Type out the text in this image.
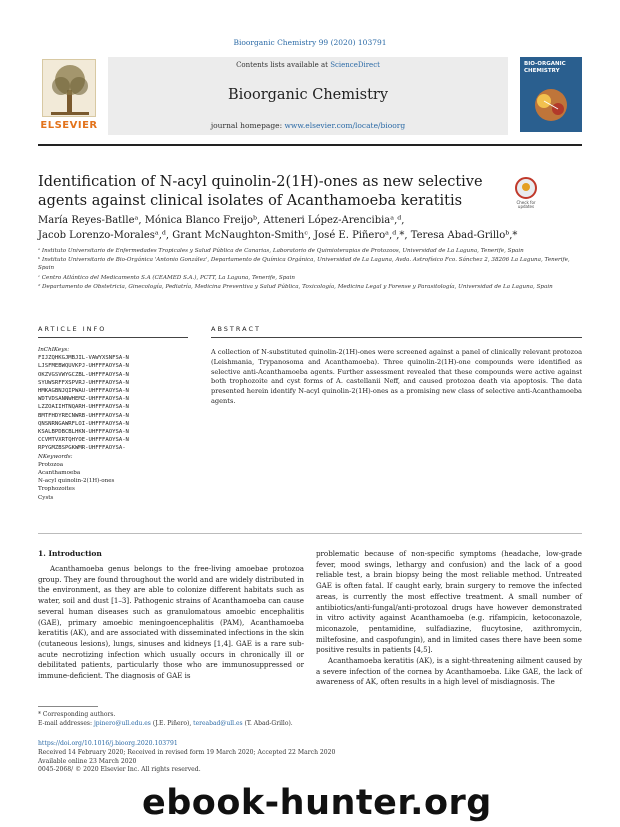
Bioorganic Chemistry 99 (2020) 103791
ELSEVIER
Contents lists available at ScienceDirect
Bioorganic Chemistry
journal homepage: www.elsevier.com/locate/bioorg
BIO-ORGANIC CHEMISTRY
Identification of N-acyl quinolin-2(1H)-ones as new selective agents against clinical isolates of Acanthamoeba keratitis	Check for updates
María Reyes-Batlleᵃ, Mónica Blanco Freijoᵇ, Atteneri López-Arencibiaᵃ,ᵈ,
Jacob Lorenzo-Moralesᵃ,ᵈ, Grant McNaughton-Smithᶜ, José E. Piñeroᵃ,ᵈ,*, Teresa Abad-Grilloᵇ,*
ᵃ Instituto Universitario de Enfermedades Tropicales y Salud Pública de Canarias, Laboratorio de Quimioterapias de Protozoos, Universidad de La Laguna, Tenerife, Spain
ᵇ Instituto Universitario de Bio-Orgánica 'Antonio González', Departamento de Química Orgánica, Universidad de La Laguna, Avda. Astrofísico Fco. Sánchez 2, 38206 La Laguna, Tenerife, Spain
ᶜ Centro Atlántico del Medicamento S.A (CEAMED S.A.), PCTT, La Laguna, Tenerife, Spain
ᵈ Departamento de Obstetricia, Ginecología, Pediatría, Medicina Preventiva y Salud Pública, Toxicología, Medicina Legal y Forense y Parasitología, Universidad de La Laguna, Spain
ARTICLE INFO	ABSTRACT
InChIKeys:
FIJZQHKGJMBJIL-VAWYXSNFSA-N
LJSFMEBWQUVKPJ-UHFFFAOYSA-N
OKZVGSVWYGCZBL-UHFFFAOYSA-N
SYUWSRFFXSPVRJ-UHFFFAOYSA-N
HMKAGBNJQIPWAU-UHFFFAOYSA-N
WDTVDSANNWHEMZ-UHFFFAOYSA-N
LZZOAIIHTNQARH-UHFFFAOYSA-N
BMTFHDYRECNWRB-UHFFFAOYSA-N
QNSNRNGAWRFLOI-UHFFFAOYSA-N
KSALBPDBCBLHKN-UHFFFAOYSA-N
CCVMTVXRTQHYOE-UHFFFAOYSA-N
RPYGMZBSPGKWMR-UHFFFAOYSA-
NKeywords:
Protozoa
Acanthamoeba
N-acyl quinolin-2(1H)-ones
Trophozoites
Cysts
A collection of N-substituted quinolin-2(1H)-ones were screened against a panel of clinically relevant protozoa (Leishmania, Trypanosoma and Acanthamoeba). Three quinolin-2(1H)-one compounds were identified as selective anti-Acanthamoeba agents. Further assessment revealed that these compounds were active against both trophozoite and cyst forms of A. castellanii Neff, and caused protozoa death via apoptosis. The data presented herein identify N-acyl quinolin-2(1H)-ones as a promising new class of selective anti-Acanthamoeba agents.
1. Introduction

Acanthamoeba genus belongs to the free-living amoebae protozoa group. They are found throughout the world and are widely distributed in the environment, as they are able to colonize different habitats such as water, soil and dust [1–3]. Pathogenic strains of Acanthamoeba can cause several human diseases such as granulomatous amoebic encephalitis (GAE), primary amoebic meningoencephalitis (PAM), Acanthamoeba keratitis (AK), and are associated with disseminated infections in the skin (cutaneous lesions), lungs, sinuses and kidneys [1,4]. GAE is a rare sub-acute necrotizing infection which usually occurs in chronically ill or debilitated patients, particularly those who are immunosuppressed or immune-deficient. The diagnosis of GAE is

problematic because of non-specific symptoms (headache, low-grade fever, mood swings, lethargy and confusion) and the lack of a good reliable test, a brain biopsy being the most reliable method. Untreated GAE is often fatal. If caught early, brain surgery to remove the infected areas, is currently the most effective treatment. A small number of antibiotics/anti-fungal/anti-protozoal drugs have however demonstrated in vitro activity against Acanthamoeba (e.g. rifampicin, ketoconazole, miconazole, pentamidine, sulfadiazine, flucytosine, azithromycin, miltefosine, and caspofungin), and in limited cases there have been some positive results in patients [4,5].

Acanthamoeba keratitis (AK), is a sight-threatening ailment caused by a severe infection of the cornea by Acanthamoeba. Like GAE, the lack of awareness of AK, often results in a high level of misdiagnosis. The

* Corresponding authors.
E-mail addresses: jpinero@ull.edu.es (J.E. Piñero), tereabad@ull.es (T. Abad-Grillo).
https://doi.org/10.1016/j.bioorg.2020.103791
Received 14 February 2020; Received in revised form 19 March 2020; Accepted 22 March 2020
Available online 23 March 2020
0045-2068/ © 2020 Elsevier Inc. All rights reserved.
ebook-hunter.org
